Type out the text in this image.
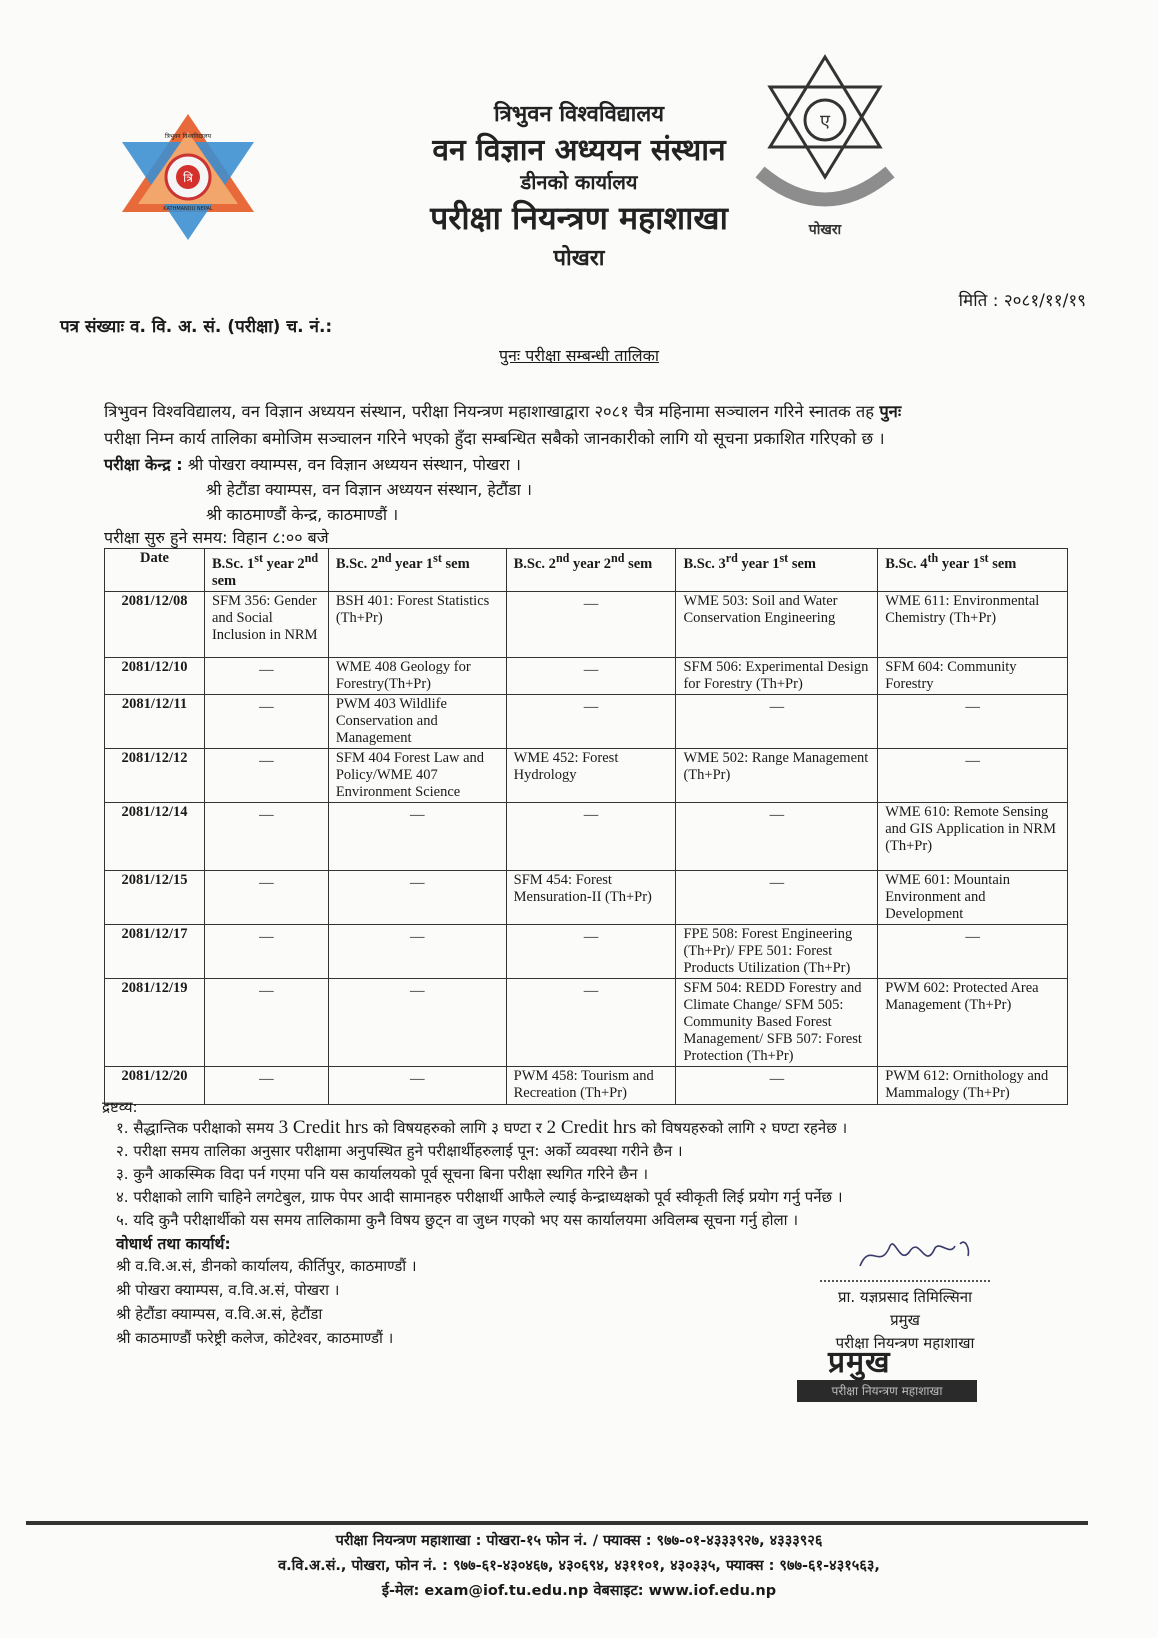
त्रि
त्रिभुवन विश्वविद्यालय
KATHMANDU NEPAL
ए
पोखरा
त्रिभुवन विश्वविद्यालय
वन विज्ञान अध्ययन संस्थान
डीनको कार्यालय
परीक्षा नियन्त्रण महाशाखा
पोखरा
मिति : २०८१/११/१९
पत्र संख्याः व. वि. अ. सं. (परीक्षा) च. नं.:
पुनः परीक्षा सम्बन्धी तालिका
त्रिभुवन विश्वविद्यालय, वन विज्ञान अध्ययन संस्थान, परीक्षा नियन्त्रण महाशाखाद्वारा २०८१ चैत्र महिनामा सञ्चालन गरिने स्नातक तह पुनः
परीक्षा निम्न कार्य तालिका बमोजिम सञ्चालन गरिने भएको हुँदा सम्बन्धित सबैको जानकारीको लागि यो सूचना प्रकाशित गरिएको छ ।
परीक्षा केन्द्र : श्री पोखरा क्याम्पस, वन विज्ञान अध्ययन संस्थान, पोखरा ।
श्री हेटौंडा क्याम्पस, वन विज्ञान अध्ययन संस्थान, हेटौंडा ।
श्री काठमाण्डौं केन्द्र, काठमाण्डौं ।
परीक्षा सुरु हुने समय: विहान ८:०० बजे
Date	B.Sc. 1st year 2nd sem	B.Sc. 2nd year 1st sem	B.Sc. 2nd year 2nd sem	B.Sc. 3rd year 1st sem	B.Sc. 4th year 1st sem
2081/12/08	SFM 356: Gender and Social Inclusion in NRM	BSH 401: Forest Statistics (Th+Pr)	—	WME 503: Soil and Water Conservation Engineering	WME 611: Environmental Chemistry (Th+Pr)
2081/12/10	—	WME 408 Geology for Forestry(Th+Pr)	—	SFM 506: Experimental Design for Forestry (Th+Pr)	SFM 604: Community Forestry
2081/12/11	—	PWM 403 Wildlife Conservation and Management	—	—	—
2081/12/12	—	SFM 404 Forest Law and Policy/WME 407 Environment Science	WME 452: Forest Hydrology	WME 502: Range Management (Th+Pr)	—
2081/12/14	—	—	—	—	WME 610: Remote Sensing and GIS Application in NRM (Th+Pr)
2081/12/15	—	—	SFM 454: Forest Mensuration-II (Th+Pr)	—	WME 601: Mountain Environment and Development
2081/12/17	—	—	—	FPE 508: Forest Engineering (Th+Pr)/ FPE 501: Forest Products Utilization (Th+Pr)	—
2081/12/19	—	—	—	SFM 504: REDD Forestry and Climate Change/ SFM 505: Community Based Forest Management/ SFB 507: Forest Protection (Th+Pr)	PWM 602: Protected Area Management (Th+Pr)
2081/12/20	—	—	PWM 458: Tourism and Recreation (Th+Pr)	—	PWM 612: Ornithology and Mammalogy (Th+Pr)
द्रष्टव्य:
१. सैद्धान्तिक परीक्षाको समय 3 Credit hrs को विषयहरुको लागि ३ घण्टा र 2 Credit hrs को विषयहरुको लागि २ घण्टा रहनेछ ।
२. परीक्षा समय तालिका अनुसार परीक्षामा अनुपस्थित हुने परीक्षार्थीहरुलाई पून: अर्को व्यवस्था गरीने छैन ।
३. कुनै आकस्मिक विदा पर्न गएमा पनि यस कार्यालयको पूर्व सूचना बिना परीक्षा स्थगित गरिने छैन ।
४. परीक्षाको लागि चाहिने लगटेबुल, ग्राफ पेपर आदी सामानहरु परीक्षार्थी आफैले ल्याई केन्द्राध्यक्षको पूर्व स्वीकृती लिई प्रयोग गर्नु पर्नेछ ।
५. यदि कुनै परीक्षार्थीको यस समय तालिकामा कुनै विषय छुट्न वा जुध्न गएको भए यस कार्यालयमा अविलम्ब सूचना गर्नु होला ।
वोधार्थ तथा कार्यार्थ:
श्री व.वि.अ.सं, डीनको कार्यालय, कीर्तिपुर, काठमाण्डौं ।
श्री पोखरा क्याम्पस, व.वि.अ.सं, पोखरा ।
श्री हेटौंडा क्याम्पस, व.वि.अ.सं, हेटौंडा
श्री काठमाण्डौं फरेष्ट्री कलेज, कोटेश्वर, काठमाण्डौं ।
प्रा. यज्ञप्रसाद तिमिल्सिना
प्रमुख
परीक्षा नियन्त्रण महाशाखा
प्रमुख
परीक्षा नियन्त्रण महाशाखा
परीक्षा नियन्त्रण महाशाखा : पोखरा-१५ फोन नं. / फ्याक्स : ९७७-०१-४३३३९२७, ४३३३९२६
व.वि.अ.सं., पोखरा, फोन नं. : ९७७-६१-४३०४६७, ४३०६९४, ४३११०१, ४३०३३५, फ्याक्स : ९७७-६१-४३१५६३,
ई-मेल: exam@iof.tu.edu.np वेबसाइट: www.iof.edu.np
